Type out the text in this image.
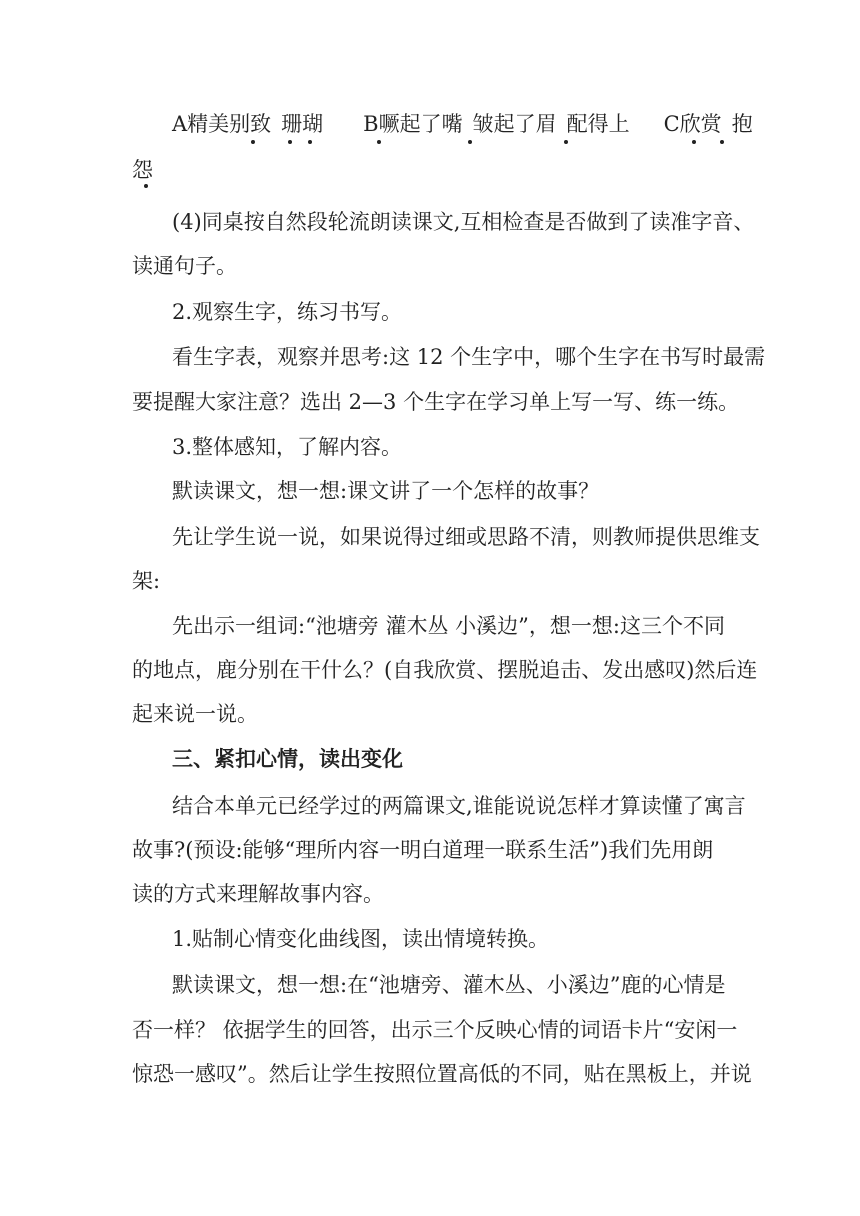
A精美别致 珊瑚 B噘起了嘴 皱起了眉 配得上 C欣赏 抱
怨
(4)同桌按自然段轮流朗读课文,互相检查是否做到了读准字音、
读通句子。
2.观察生字，练习书写。
看生字表，观察并思考:这 12 个生字中，哪个生字在书写时最需
要提醒大家注意？选出 2—3 个生字在学习单上写一写、练一练。
3.整体感知，了解内容。
默读课文，想一想:课文讲了一个怎样的故事？
先让学生说一说，如果说得过细或思路不清，则教师提供思维支
架:
先出示一组词:“池塘旁 灌木丛 小溪边”，想一想:这三个不同
的地点，鹿分别在干什么？(自我欣赏、摆脱追击、发出感叹)然后连
起来说一说。
三、紧扣心情，读出变化
结合本单元已经学过的两篇课文,谁能说说怎样才算读懂了寓言
故事?(预设:能够“理所内容一明白道理一联系生活”)我们先用朗
读的方式来理解故事内容。
1.贴制心情变化曲线图，读出情境转换。
默读课文，想一想:在“池塘旁、灌木丛、小溪边”鹿的心情是
否一样？ 依据学生的回答，出示三个反映心情的词语卡片“安闲一
惊恐一感叹”。然后让学生按照位置高低的不同，贴在黑板上，并说
